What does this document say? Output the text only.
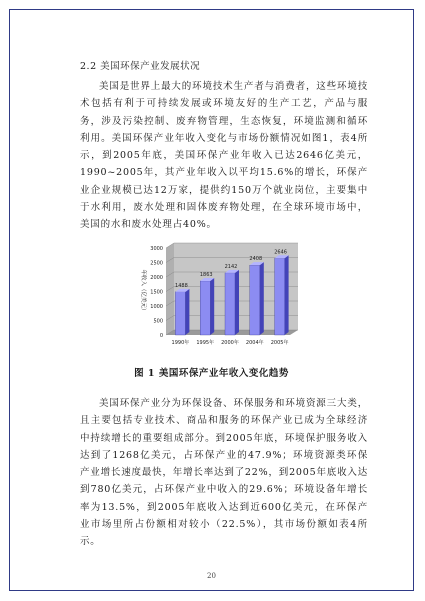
2.2 美国环保产业发展状况

美国是世界上最大的环境技术生产者与消费者，这些环境技术包括有利于可持续发展或环境友好的生产工艺，产品与服务，涉及污染控制、废弃物管理，生态恢复，环境监测和循环利用。美国环保产业年收入变化与市场份额情况如图1，表4所示，到2005年底，美国环保产业年收入已达2646亿美元，1990~2005年，其产业年收入以平均15.6%的增长，环保产业企业规模已达12万家，提供约150万个就业岗位，主要集中于水利用，废水处理和固体废弃物处理，在全球环境市场中，美国的水和废水处理占40%。

0
500
1000
1500
2000
2500
3000
年收入（亿美元）	1488
1990年
1863
1995年
2142
2000年
2408
2004年
2646
2005年
图 1 美国环保产业年收入变化趋势

美国环保产业分为环保设备、环保服务和环境资源三大类，且主要包括专业技术、商品和服务的环保产业已成为全球经济中持续增长的重要组成部分。到2005年底，环境保护服务收入达到了1268亿美元，占环保产业的47.9%；环境资源类环保产业增长速度最快，年增长率达到了22%，到2005年底收入达到780亿美元，占环保产业中收入的29.6%；环境设备年增长率为13.5%，到2005年底收入达到近600亿美元，在环保产业市场里所占份额相对较小（22.5%），其市场份额如表4所示。

20
